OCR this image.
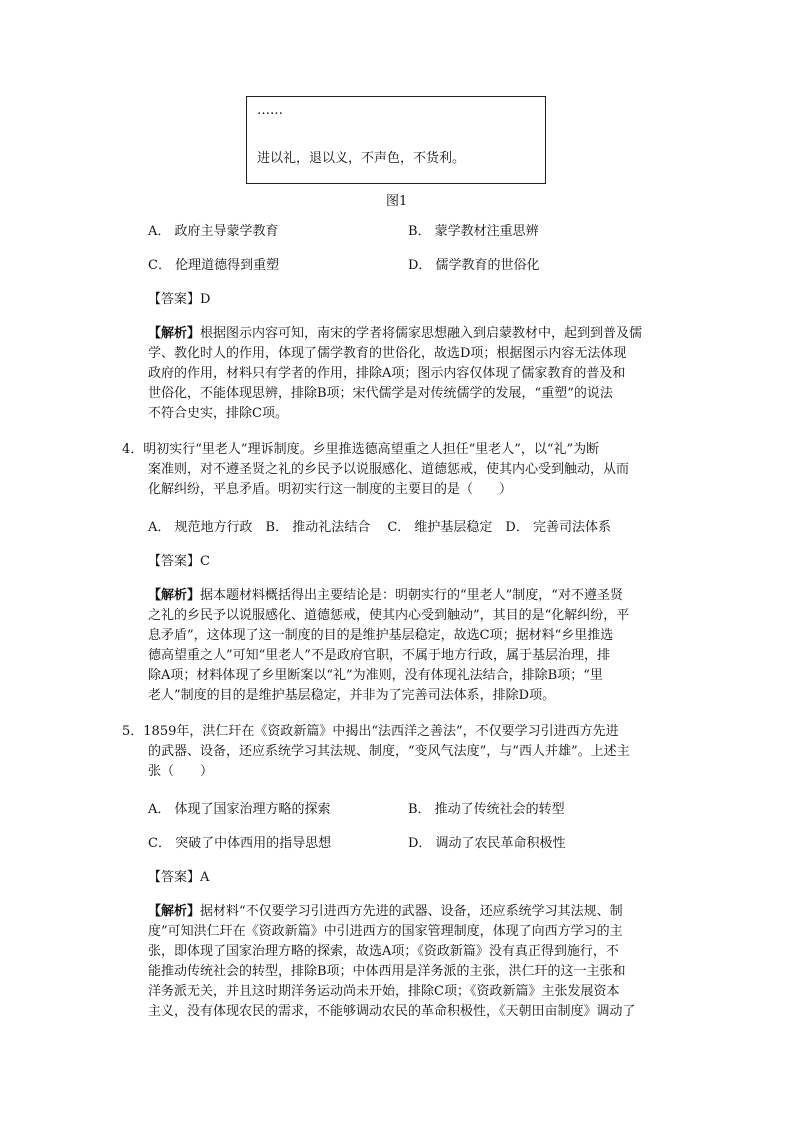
……
进以礼，退以义，不声色，不货利。
图1
A． 政府主导蒙学教育	B． 蒙学教材注重思辨
C． 伦理道德得到重塑	D． 儒学教育的世俗化
【答案】D
【解析】根据图示内容可知，南宋的学者将儒家思想融入到启蒙教材中，起到到普及儒
学、教化时人的作用，体现了儒学教育的世俗化，故选D项；根据图示内容无法体现
政府的作用，材料只有学者的作用，排除A项；图示内容仅体现了儒家教育的普及和
世俗化，不能体现思辨，排除B项；宋代儒学是对传统儒学的发展，“重塑”的说法
不符合史实，排除C项。
4．明初实行“里老人”理诉制度。乡里推选德高望重之人担任“里老人”，以“礼”为断
案准则，对不遵圣贤之礼的乡民予以说服感化、道德惩戒，使其内心受到触动，从而
化解纠纷，平息矛盾。明初实行这一制度的主要目的是（　　）
A． 规范地方行政　B． 推动礼法结合　 C． 维护基层稳定　D． 完善司法体系
【答案】C
【解析】据本题材料概括得出主要结论是：明朝实行的“里老人”制度，“对不遵圣贤
之礼的乡民予以说服感化、道德惩戒，使其内心受到触动”，其目的是“化解纠纷，平
息矛盾”，这体现了这一制度的目的是维护基层稳定，故选C项；据材料“乡里推选
德高望重之人”可知“里老人”不是政府官职，不属于地方行政，属于基层治理，排
除A项；材料体现了乡里断案以“礼”为准则，没有体现礼法结合，排除B项；“里
老人”制度的目的是维护基层稳定，并非为了完善司法体系，排除D项。
5．1859年，洪仁玕在《资政新篇》中揭出“法西洋之善法”，不仅要学习引进西方先进
的武器、设备，还应系统学习其法规、制度，“变风气法度”，与“西人并雄”。上述主
张（　　）
A． 体现了国家治理方略的探索	B． 推动了传统社会的转型
C． 突破了中体西用的指导思想	D． 调动了农民革命积极性
【答案】A
【解析】据材料“不仅要学习引进西方先进的武器、设备，还应系统学习其法规、制
度”可知洪仁玕在《资政新篇》中引进西方的国家管理制度，体现了向西方学习的主
张，即体现了国家治理方略的探索，故选A项；《资政新篇》没有真正得到施行，不
能推动传统社会的转型，排除B项；中体西用是洋务派的主张，洪仁玕的这一主张和
洋务派无关，并且这时期洋务运动尚未开始，排除C项；《资政新篇》主张发展资本
主义，没有体现农民的需求，不能够调动农民的革命积极性，《天朝田亩制度》调动了
